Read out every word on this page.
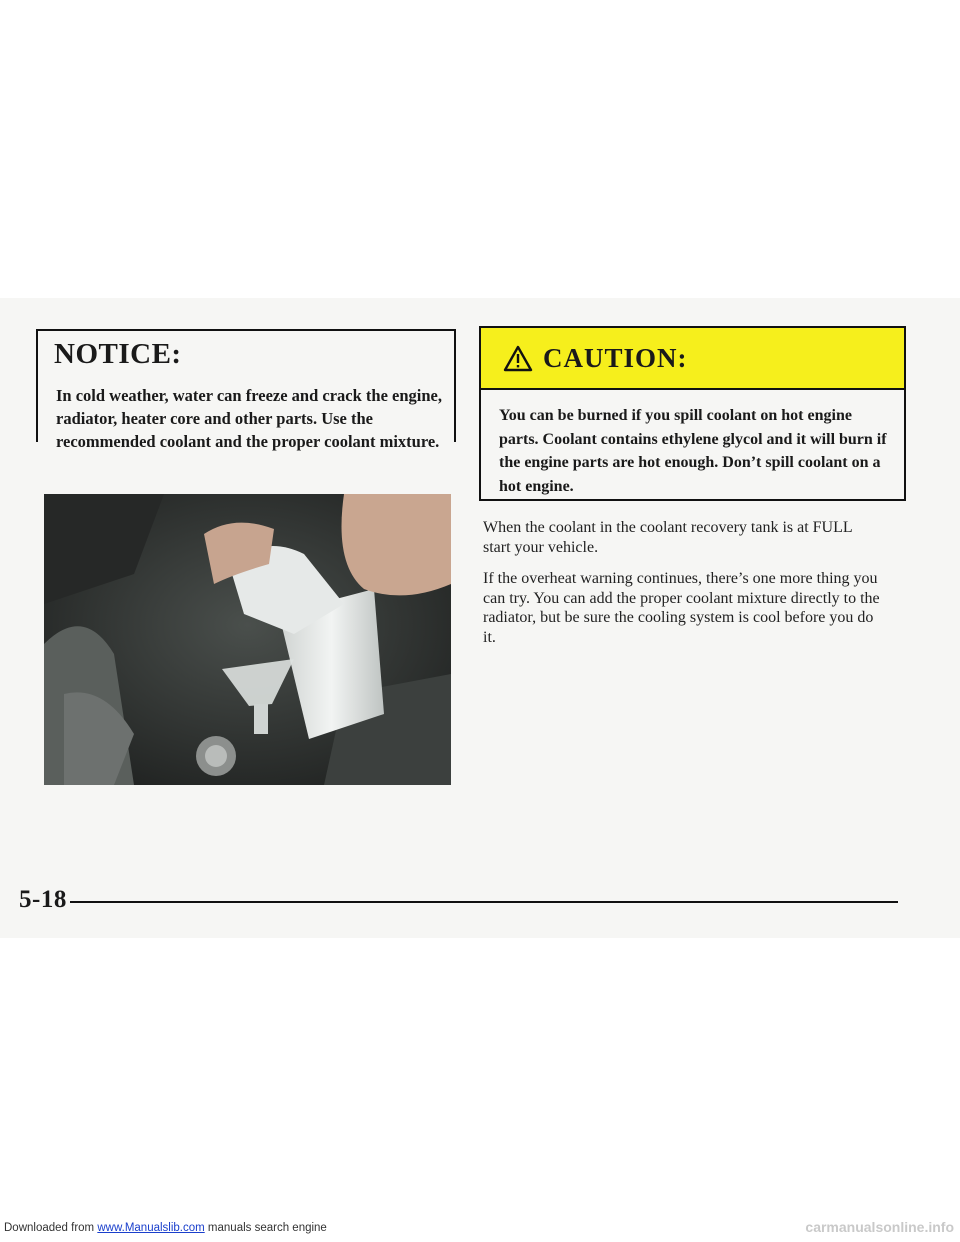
NOTICE:
In cold weather, water can freeze and crack the engine, radiator, heater core and other parts. Use the recommended coolant and the proper coolant mixture.
CAUTION:
You can be burned if you spill coolant on hot engine parts. Coolant contains ethylene glycol and it will burn if the engine parts are hot enough. Don’t spill coolant on a hot engine.

When the coolant in the coolant recovery tank is at FULL start your vehicle.

If the overheat warning continues, there’s one more thing you can try. You can add the proper coolant mixture directly to the radiator, but be sure the cooling system is cool before you do it.

5-18
Downloaded from www.Manualslib.com manuals search engine	carmanualsonline.info
